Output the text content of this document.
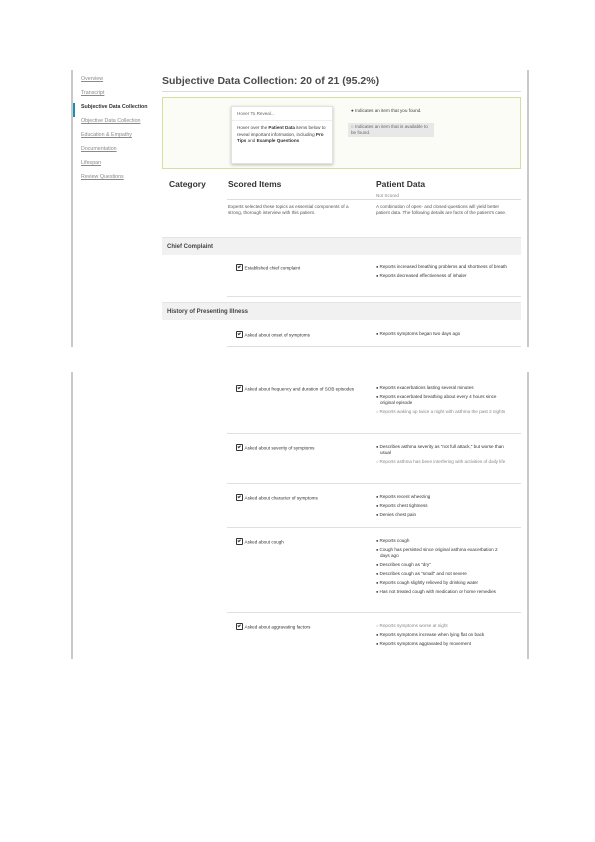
Overview
Transcript
Subjective Data Collection
Objective Data Collection
Education & Empathy
Documentation
Lifespan
Review Questions
Subjective Data Collection: 20 of 21 (95.2%)
Hover To Reveal...
Hover over the Patient Data items below to reveal important information, including Pro Tips and Example Questions
● Indicates an item that you found.
○ Indicates an item that is available to be found.
Category	Scored Items	Patient Data
Not Scored
Experts selected these topics as essential components of a strong, thorough interview with this patient.
A combination of open- and closed-questions will yield better patient data. The following details are facts of the patient's case.
Chief Complaint
Established chief complaint	● Reports increased breathing problems and shortness of breath
● Reports decreased effectiveness of inhaler
History of Presenting Illness
Asked about onset of symptoms	● Reports symptoms began two days ago
Asked about frequency and duration of SOB episodes	● Reports exacerbations lasting several minutes
● Reports exacerbated breathing about every 4 hours since original episode
○ Reports waking up twice a night with asthma the past 2 nights
Asked about severity of symptoms	● Describes asthma severity as "not full attack," but worse than usual
○ Reports asthma has been interfering with activities of daily life
Asked about character of symptoms	● Reports recent wheezing
● Reports chest tightness
● Denies chest pain
Asked about cough	● Reports cough
● Cough has persisted since original asthma exacerbation 2 days ago
● Describes cough as "dry"
● Describes cough as "small" and not severe
● Reports cough slightly relieved by drinking water
● Has not treated cough with medication or home remedies
Asked about aggravating factors	○ Reports symptoms worse at night
● Reports symptoms increase when lying flat on back
● Reports symptoms aggravated by movement
